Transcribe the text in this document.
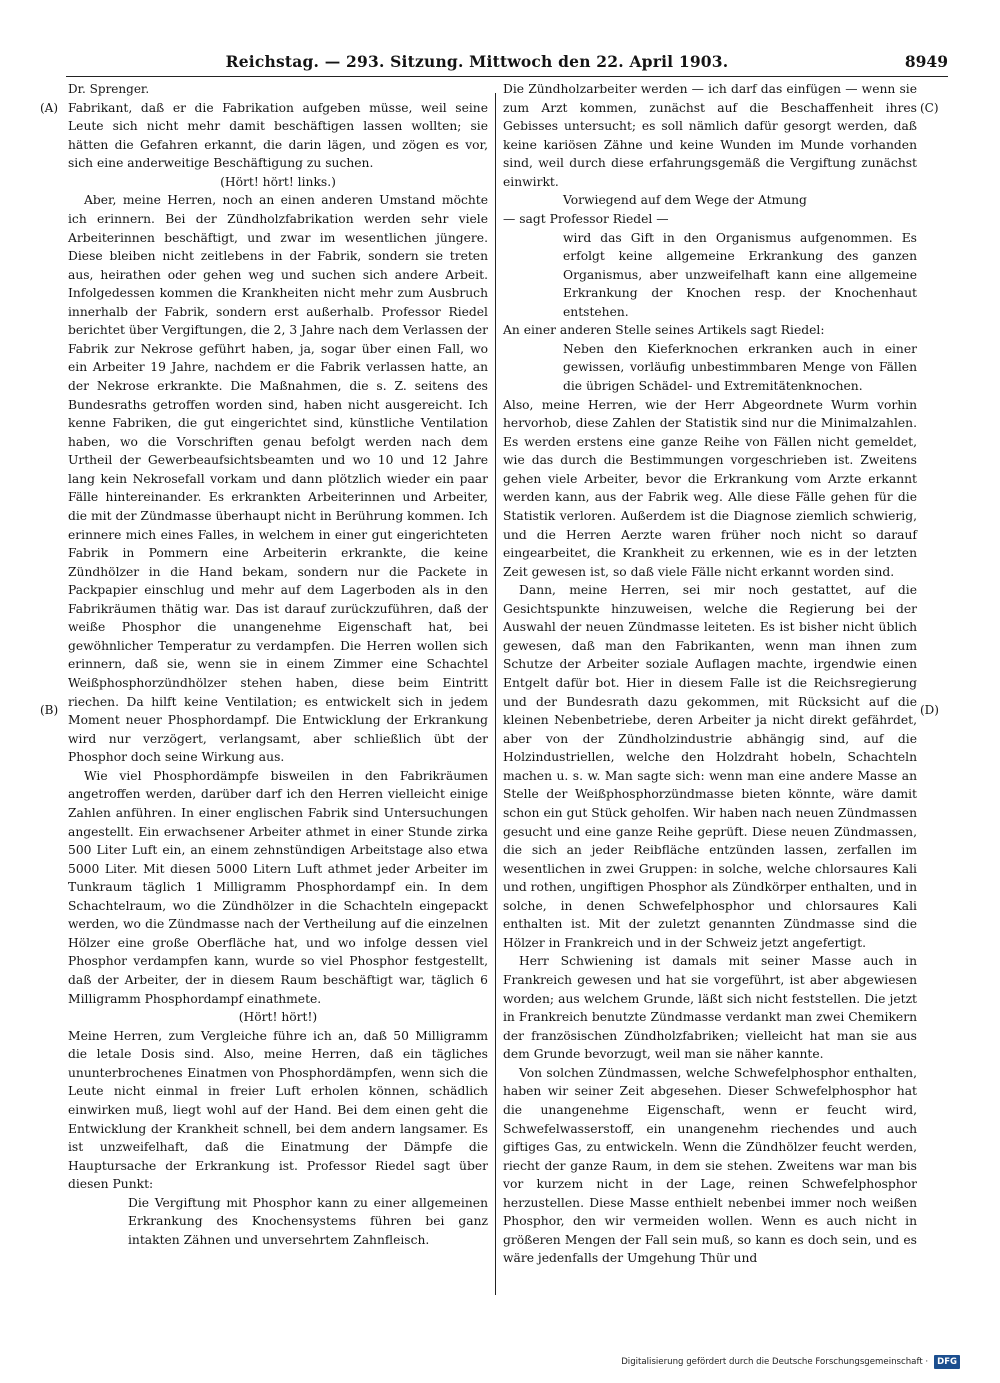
Reichstag. — 293. Sitzung. Mittwoch den 22. April 1903.	8949
(A)
(B)
(C)
(D)

Dr. Sprenger.

Fabrikant, daß er die Fabrikation aufgeben müsse, weil seine Leute sich nicht mehr damit beschäftigen lassen wollten; sie hätten die Gefahren erkannt, die darin lägen, und zögen es vor, sich eine anderweitige Beschäftigung zu suchen.

(Hört! hört! links.)

Aber, meine Herren, noch an einen anderen Umstand möchte ich erinnern. Bei der Zündholzfabrikation werden sehr viele Arbeiterinnen beschäftigt, und zwar im wesentlichen jüngere. Diese bleiben nicht zeitlebens in der Fabrik, sondern sie treten aus, heirathen oder gehen weg und suchen sich andere Arbeit. Infolgedessen kommen die Krankheiten nicht mehr zum Ausbruch innerhalb der Fabrik, sondern erst außerhalb. Professor Riedel berichtet über Vergiftungen, die 2, 3 Jahre nach dem Verlassen der Fabrik zur Nekrose geführt haben, ja, sogar über einen Fall, wo ein Arbeiter 19 Jahre, nachdem er die Fabrik verlassen hatte, an der Nekrose erkrankte. Die Maßnahmen, die s. Z. seitens des Bundesraths getroffen worden sind, haben nicht ausgereicht. Ich kenne Fabriken, die gut eingerichtet sind, künstliche Ventilation haben, wo die Vorschriften genau befolgt werden nach dem Urtheil der Gewerbeaufsichtsbeamten und wo 10 und 12 Jahre lang kein Nekrosefall vorkam und dann plötzlich wieder ein paar Fälle hintereinander. Es erkrankten Arbeiterinnen und Arbeiter, die mit der Zündmasse überhaupt nicht in Berührung kommen. Ich erinnere mich eines Falles, in welchem in einer gut eingerichteten Fabrik in Pommern eine Arbeiterin erkrankte, die keine Zündhölzer in die Hand bekam, sondern nur die Packete in Packpapier einschlug und mehr auf dem Lagerboden als in den Fabrikräumen thätig war. Das ist darauf zurückzuführen, daß der weiße Phosphor die unangenehme Eigenschaft hat, bei gewöhnlicher Temperatur zu verdampfen. Die Herren wollen sich erinnern, daß sie, wenn sie in einem Zimmer eine Schachtel Weißphosphorzündhölzer stehen haben, diese beim Eintritt riechen. Da hilft keine Ventilation; es entwickelt sich in jedem Moment neuer Phosphordampf. Die Entwicklung der Erkrankung wird nur verzögert, verlangsamt, aber schließlich übt der Phosphor doch seine Wirkung aus.

Wie viel Phosphordämpfe bisweilen in den Fabrikräumen angetroffen werden, darüber darf ich den Herren vielleicht einige Zahlen anführen. In einer englischen Fabrik sind Untersuchungen angestellt. Ein erwachsener Arbeiter athmet in einer Stunde zirka 500 Liter Luft ein, an einem zehnstündigen Arbeitstage also etwa 5000 Liter. Mit diesen 5000 Litern Luft athmet jeder Arbeiter im Tunkraum täglich 1 Milligramm Phosphordampf ein. In dem Schachtelraum, wo die Zündhölzer in die Schachteln eingepackt werden, wo die Zündmasse nach der Vertheilung auf die einzelnen Hölzer eine große Oberfläche hat, und wo infolge dessen viel Phosphor verdampfen kann, wurde so viel Phosphor festgestellt, daß der Arbeiter, der in diesem Raum beschäftigt war, täglich 6 Milligramm Phosphordampf einathmete.

(Hört! hört!)

Meine Herren, zum Vergleiche führe ich an, daß 50 Milligramm die letale Dosis sind. Also, meine Herren, daß ein tägliches ununterbrochenes Einatmen von Phosphordämpfen, wenn sich die Leute nicht einmal in freier Luft erholen können, schädlich einwirken muß, liegt wohl auf der Hand. Bei dem einen geht die Entwicklung der Krankheit schnell, bei dem andern langsamer. Es ist unzweifelhaft, daß die Einatmung der Dämpfe die Hauptursache der Erkrankung ist. Professor Riedel sagt über diesen Punkt:

Die Vergiftung mit Phosphor kann zu einer allgemeinen Erkrankung des Knochensystems führen bei ganz intakten Zähnen und unversehrtem Zahnfleisch.

Die Zündholzarbeiter werden — ich darf das einfügen — wenn sie zum Arzt kommen, zunächst auf die Beschaffenheit ihres Gebisses untersucht; es soll nämlich dafür gesorgt werden, daß keine kariösen Zähne und keine Wunden im Munde vorhanden sind, weil durch diese erfahrungsgemäß die Vergiftung zunächst einwirkt.

Vorwiegend auf dem Wege der Atmung

— sagt Professor Riedel —

wird das Gift in den Organismus aufgenommen. Es erfolgt keine allgemeine Erkrankung des ganzen Organismus, aber unzweifelhaft kann eine allgemeine Erkrankung der Knochen resp. der Knochenhaut entstehen.

An einer anderen Stelle seines Artikels sagt Riedel:

Neben den Kieferknochen erkranken auch in einer gewissen, vorläufig unbestimmbaren Menge von Fällen die übrigen Schädel- und Extremitätenknochen.

Also, meine Herren, wie der Herr Abgeordnete Wurm vorhin hervorhob, diese Zahlen der Statistik sind nur die Minimalzahlen. Es werden erstens eine ganze Reihe von Fällen nicht gemeldet, wie das durch die Bestimmungen vorgeschrieben ist. Zweitens gehen viele Arbeiter, bevor die Erkrankung vom Arzte erkannt werden kann, aus der Fabrik weg. Alle diese Fälle gehen für die Statistik verloren. Außerdem ist die Diagnose ziemlich schwierig, und die Herren Aerzte waren früher noch nicht so darauf eingearbeitet, die Krankheit zu erkennen, wie es in der letzten Zeit gewesen ist, so daß viele Fälle nicht erkannt worden sind.

Dann, meine Herren, sei mir noch gestattet, auf die Gesichtspunkte hinzuweisen, welche die Regierung bei der Auswahl der neuen Zündmasse leiteten. Es ist bisher nicht üblich gewesen, daß man den Fabrikanten, wenn man ihnen zum Schutze der Arbeiter soziale Auflagen machte, irgendwie einen Entgelt dafür bot. Hier in diesem Falle ist die Reichsregierung und der Bundesrath dazu gekommen, mit Rücksicht auf die kleinen Nebenbetriebe, deren Arbeiter ja nicht direkt gefährdet, aber von der Zündholzindustrie abhängig sind, auf die Holzindustriellen, welche den Holzdraht hobeln, Schachteln machen u. s. w. Man sagte sich: wenn man eine andere Masse an Stelle der Weißphosphorzündmasse bieten könnte, wäre damit schon ein gut Stück geholfen. Wir haben nach neuen Zündmassen gesucht und eine ganze Reihe geprüft. Diese neuen Zündmassen, die sich an jeder Reibfläche entzünden lassen, zerfallen im wesentlichen in zwei Gruppen: in solche, welche chlorsaures Kali und rothen, ungiftigen Phosphor als Zündkörper enthalten, und in solche, in denen Schwefelphosphor und chlorsaures Kali enthalten ist. Mit der zuletzt genannten Zündmasse sind die Hölzer in Frankreich und in der Schweiz jetzt angefertigt.

Herr Schwiening ist damals mit seiner Masse auch in Frankreich gewesen und hat sie vorgeführt, ist aber abgewiesen worden; aus welchem Grunde, läßt sich nicht feststellen. Die jetzt in Frankreich benutzte Zündmasse verdankt man zwei Chemikern der französischen Zündholzfabriken; vielleicht hat man sie aus dem Grunde bevorzugt, weil man sie näher kannte.

Von solchen Zündmassen, welche Schwefelphosphor enthalten, haben wir seiner Zeit abgesehen. Dieser Schwefelphosphor hat die unangenehme Eigenschaft, wenn er feucht wird, Schwefelwasserstoff, ein unangenehm riechendes und auch giftiges Gas, zu entwickeln. Wenn die Zündhölzer feucht werden, riecht der ganze Raum, in dem sie stehen. Zweitens war man bis vor kurzem nicht in der Lage, reinen Schwefelphosphor herzustellen. Diese Masse enthielt nebenbei immer noch weißen Phosphor, den wir vermeiden wollen. Wenn es auch nicht in größeren Mengen der Fall sein muß, so kann es doch sein, und es wäre jedenfalls der Umgehung Thür und

Digitalisierung gefördert durch die Deutsche Forschungsgemeinschaft ·	DFG
